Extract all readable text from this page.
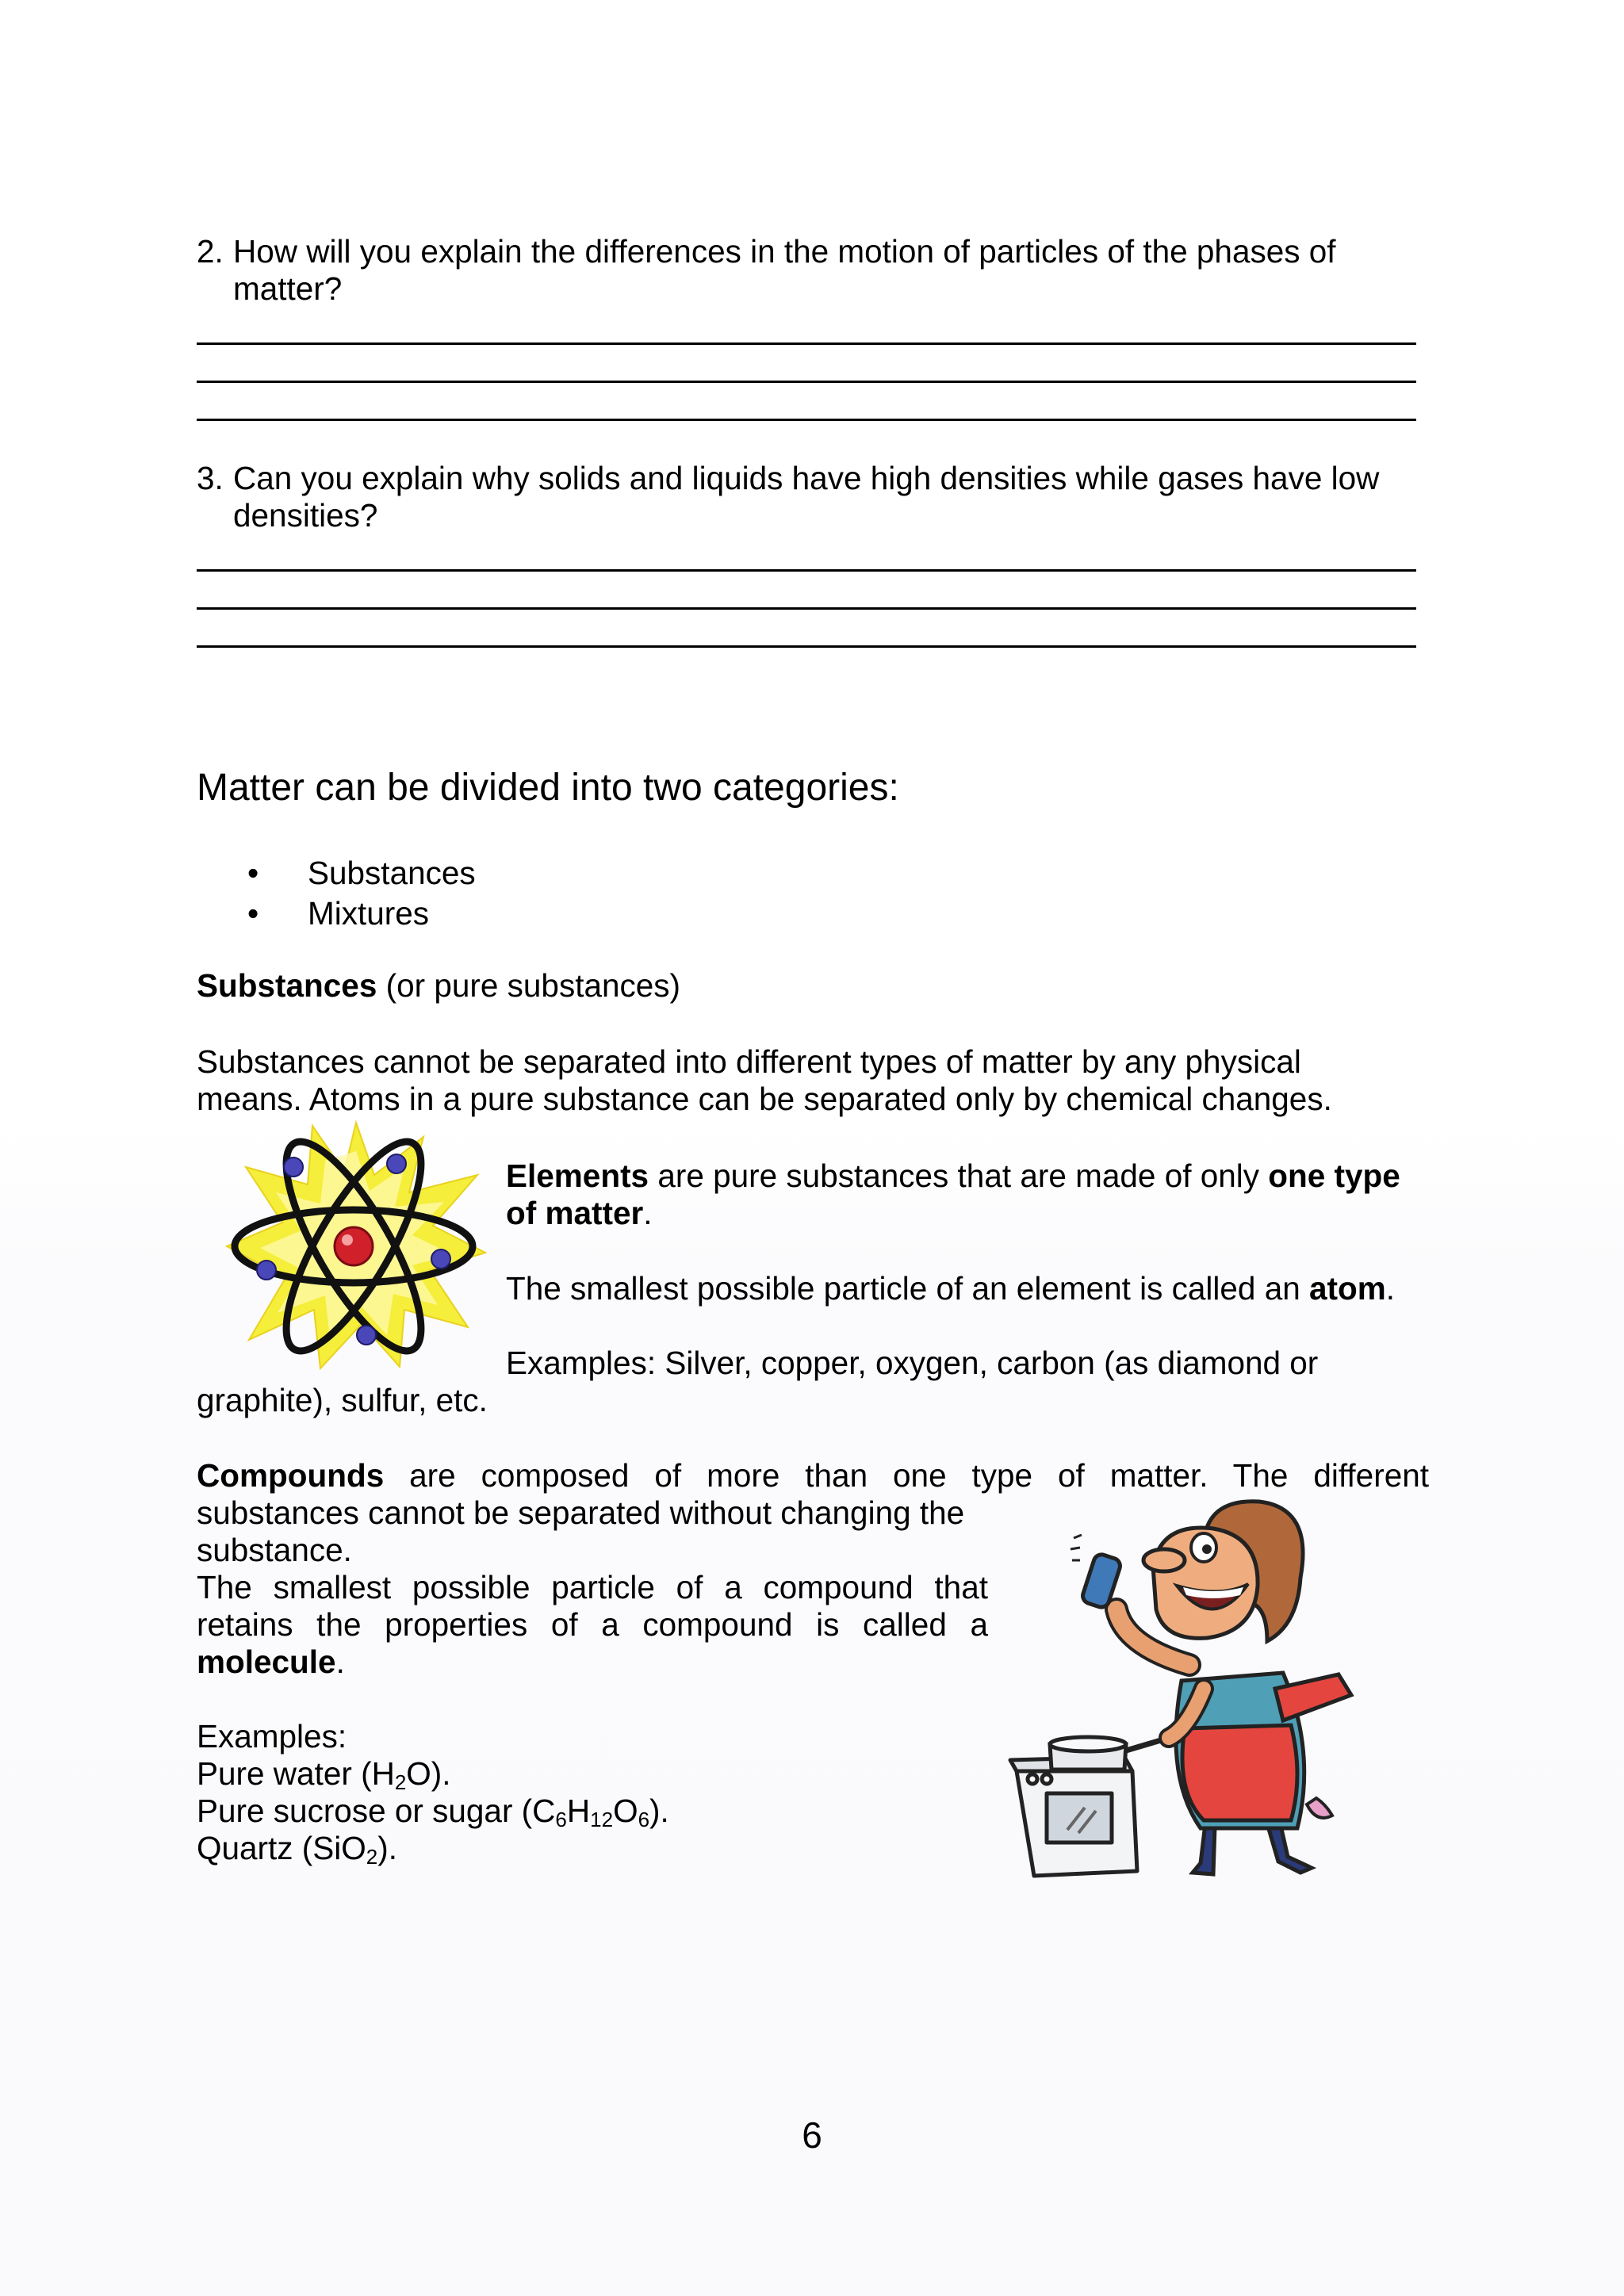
2. How will you explain the differences in the motion of particles of the phases of matter?
3. Can you explain why solids and liquids have high densities while gases have low densities?
Matter can be divided into two categories:
• Substances
• Mixtures
Substances (or pure substances)
Substances cannot be separated into different types of matter by any physical means. Atoms in a pure substance can be separated only by chemical changes.
Elements are pure substances that are made of only one type of matter.
The smallest possible particle of an element is called an atom.
Examples: Silver, copper, oxygen, carbon (as diamond or
graphite), sulfur, etc.
Compounds are composed of more than one type of matter. The different
substances cannot be separated without changing the substance.
The smallest possible particle of a compound that retains the properties of a compound is called a molecule.
Examples:
Pure water $(H_2O)$.
Pure sucrose or sugar $(C_6H_{12}O_6)$.
Quartz (SiO$_2$).
6
